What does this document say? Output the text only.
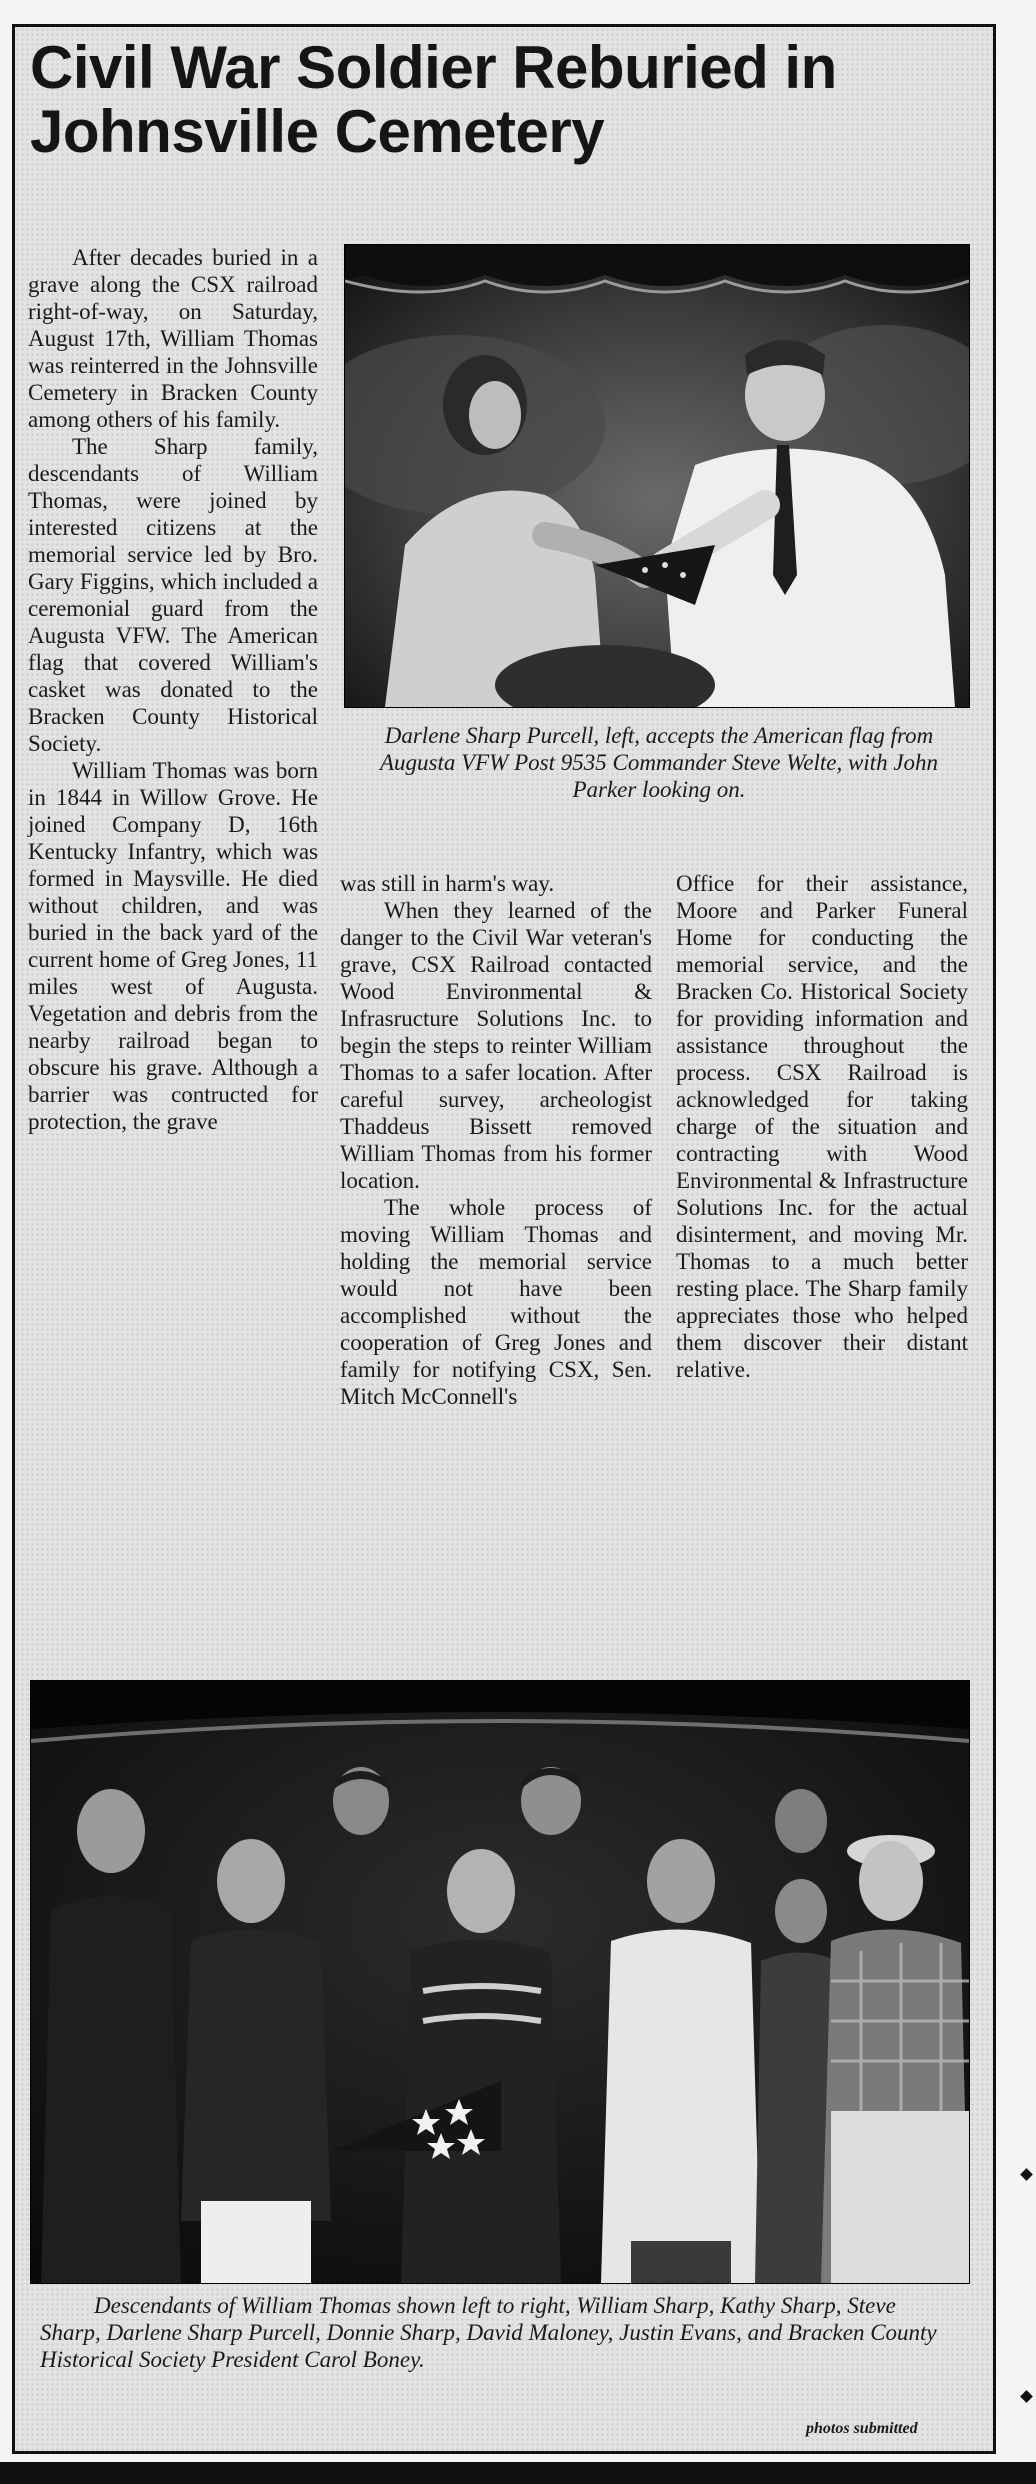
Civil War Soldier Reburied in Johnsville Cemetery

After decades buried in a grave along the CSX railroad right-of-way, on Saturday, August 17th, William Thomas was reinterred in the Johnsville Cemetery in Bracken County among others of his family.

The Sharp family, descendants of William Thomas, were joined by interested citizens at the memorial service led by Bro. Gary Figgins, which included a ceremonial guard from the Augusta VFW. The American flag that covered William's casket was donated to the Bracken County Historical Society.

William Thomas was born in 1844 in Willow Grove. He joined Company D, 16th Kentucky Infantry, which was formed in Maysville. He died without children, and was buried in the back yard of the current home of Greg Jones, 11 miles west of Augusta. Vegetation and debris from the nearby railroad began to obscure his grave. Although a barrier was contructed for protection, the grave

Darlene Sharp Purcell, left, accepts the American flag from Augusta VFW Post 9535 Commander Steve Welte, with John Parker looking on.

was still in harm's way.

When they learned of the danger to the Civil War veteran's grave, CSX Railroad contacted Wood Environmental & Infrasructure Solutions Inc. to begin the steps to reinter William Thomas to a safer location. After careful survey, archeologist Thaddeus Bissett removed William Thomas from his former location.

The whole process of moving William Thomas and holding the memorial service would not have been accomplished without the cooperation of Greg Jones and family for notifying CSX, Sen. Mitch McConnell's

Office for their assistance, Moore and Parker Funeral Home for conducting the memorial service, and the Bracken Co. Historical Society for providing information and assistance throughout the process. CSX Railroad is acknowledged for taking charge of the situation and contracting with Wood Environmental & Infrastructure Solutions Inc. for the actual disinterment, and moving Mr. Thomas to a much better resting place. The Sharp family appreciates those who helped them discover their distant relative.

Descendants of William Thomas shown left to right, William Sharp, Kathy Sharp, Steve Sharp, Darlene Sharp Purcell, Donnie Sharp, David Maloney, Justin Evans, and Bracken County Historical Society President Carol Boney.
photos submitted
